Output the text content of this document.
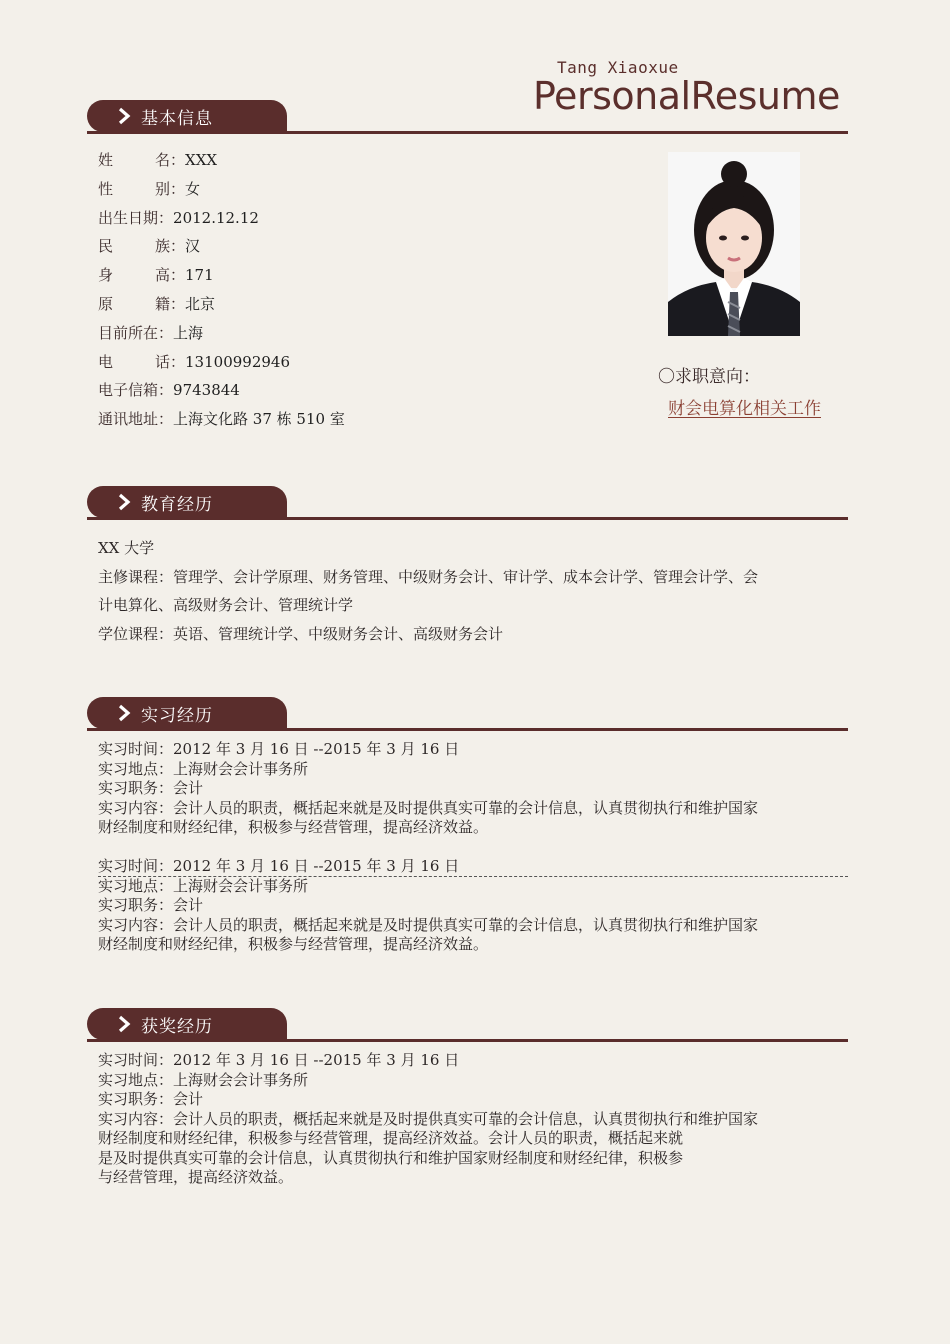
Tang Xiaoxue
PersonalResume
基本信息
姓名：XXX
性别：女
出生日期：2012.12.12
民族：汉
身高：171
原籍：北京
目前所在：上海
电话：13100992946
电子信箱：9743844
通讯地址：上海文化路 37 栋 510 室
〇求职意向：
财会电算化相关工作
教育经历

XX 大学

主修课程：管理学、会计学原理、财务管理、中级财务会计、审计学、成本会计学、管理会计学、会

计电算化、高级财务会计、管理统计学

学位课程：英语、管理统计学、中级财务会计、高级财务会计

实习经历

实习时间：2012 年 3 月 16 日 --2015 年 3 月 16 日

实习地点：上海财会会计事务所

实习职务：会计

实习内容：会计人员的职责，概括起来就是及时提供真实可靠的会计信息，认真贯彻执行和维护国家

财经制度和财经纪律，积极参与经营管理，提高经济效益。

实习时间：2012 年 3 月 16 日 --2015 年 3 月 16 日

实习地点：上海财会会计事务所

实习职务：会计

实习内容：会计人员的职责，概括起来就是及时提供真实可靠的会计信息，认真贯彻执行和维护国家

财经制度和财经纪律，积极参与经营管理，提高经济效益。

获奖经历

实习时间：2012 年 3 月 16 日 --2015 年 3 月 16 日

实习地点：上海财会会计事务所

实习职务：会计

实习内容：会计人员的职责，概括起来就是及时提供真实可靠的会计信息，认真贯彻执行和维护国家

财经制度和财经纪律，积极参与经营管理，提高经济效益。会计人员的职责，概括起来就

是及时提供真实可靠的会计信息，认真贯彻执行和维护国家财经制度和财经纪律，积极参

与经营管理，提高经济效益。
